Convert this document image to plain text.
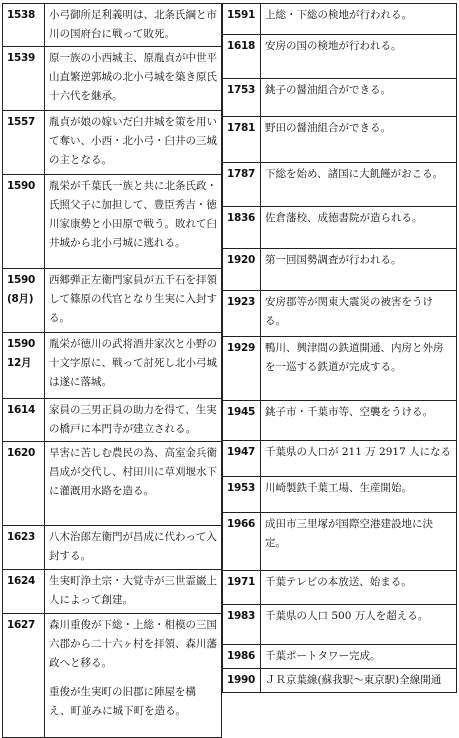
1538	小弓御所足利義明は、北条氏綱と市川の国府台に戦って敗死。
1539	原一族の小西城主、原胤貞が中世平山直繁逆郭城の北小弓城を築き原氏十六代を継承。
1557	胤貞が娘の嫁いだ臼井城を策を用いて奪い、小西・北小弓・臼井の三城の主となる。
1590	胤栄が千葉氏一族と共に北条氏政・氏照父子に加担して、豊臣秀吉・徳川家康勢と小田原で戦う。敗れて臼井城から北小弓城に逃れる。

1590
(8月)	西郷弾正左衛門家員が五千石を拝領して篠原の代官となり生実に入封する。

1590
12月	胤栄が徳川の武将酒井家次と小野の十文字原に、戦って討死し北小弓城は遂に落城。
1614	家員の三男正員の助力を得て、生実の橋戸に本門寺が建立される。
1620	旱害に苦しむ農民の為、高室金兵衛昌成が交代し、村田川に草刈堰水下に灌漑用水路を造る。
1623	八木治郎左衛門が昌成に代わって入封する。
1624	生実町浄土宗・大覚寺が三世霊巌上人によって創建。
1627	森川重俊が下総・上総・相模の三国六郡から二十六ヶ村を拝領、森川藩政へと移る。
重俊が生実町の旧郡に陣屋を構え、町並みに城下町を造る。
1591	上総・下総の検地が行われる。
1618	安房の国の検地が行われる。
1753	銚子の醤油組合ができる。
1781	野田の醤油組合ができる。
1787	下総を始め、諸国に大飢饉がおこる。
1836	佐倉藩校、成徳書院が造られる。
1920	第一回国勢調査が行われる。
1923	安房郡等が関東大震災の被害をうける。
1929	鴨川、興津間の鉄道開通、内房と外房を一巡する鉄道が完成する。
1945	銚子市・千葉市等、空襲をうける。
1947	千葉県の人口が 211 万 2917 人になる
1953	川崎製鉄千葉工場、生産開始。
1966	成田市三里塚が国際空港建設地に決定。
1971	千葉テレビの本放送、始まる。
1983	千葉県の人口 500 万人を超える。
1986	千葉ポートタワー完成。
1990	ＪＲ京葉線(蘇我駅～東京駅)全線開通
